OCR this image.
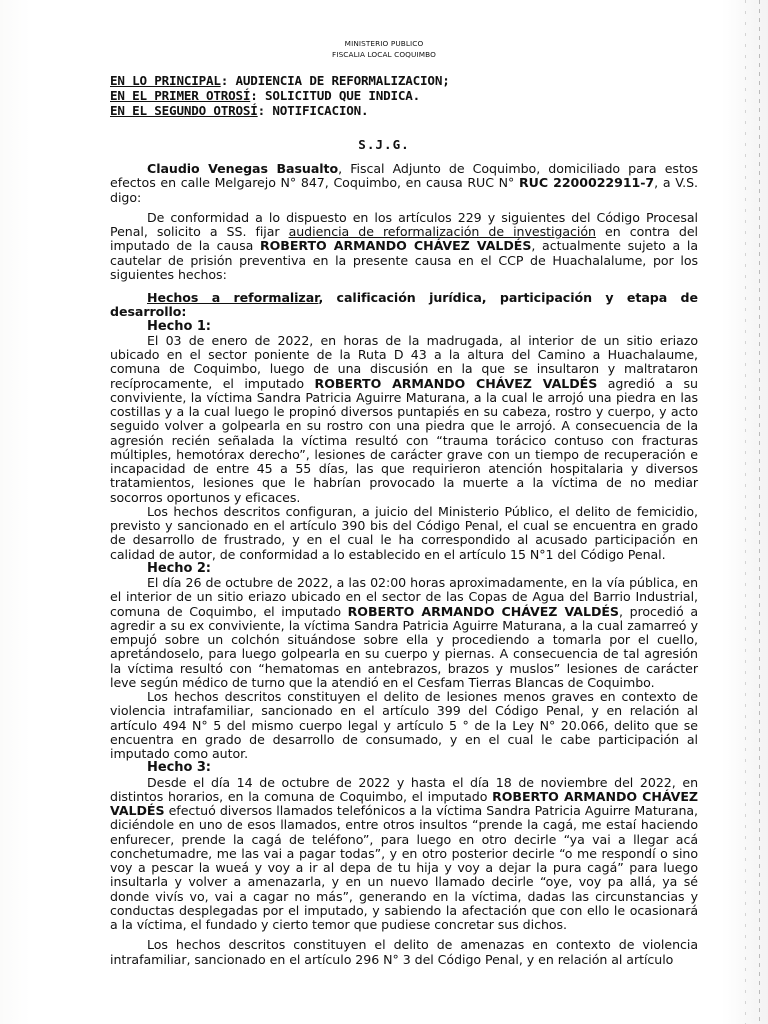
MINISTERIO PUBLICO
FISCALIA LOCAL COQUIMBO
EN LO PRINCIPAL: AUDIENCIA DE REFORMALIZACION;
EN EL PRIMER OTROSÍ: SOLICITUD QUE INDICA.
EN EL SEGUNDO OTROSÍ: NOTIFICACION.
S.J.G.

Claudio Venegas Basualto, Fiscal Adjunto de Coquimbo, domiciliado para estos efectos en calle Melgarejo N° 847, Coquimbo, en causa RUC N° RUC 2200022911-7, a V.S. digo:

De conformidad a lo dispuesto en los artículos 229 y siguientes del Código Procesal Penal, solicito a SS. fijar audiencia de reformalización de investigación en contra del imputado de la causa ROBERTO ARMANDO CHÁVEZ VALDÉS, actualmente sujeto a la cautelar de prisión preventiva en la presente causa en el CCP de Huachalalume, por los siguientes hechos:

Hechos a reformalizar, calificación jurídica, participación y etapa de desarrollo:

Hecho 1:

El 03 de enero de 2022, en horas de la madrugada, al interior de un sitio eriazo ubicado en el sector poniente de la Ruta D 43 a la altura del Camino a Huachalaume, comuna de Coquimbo, luego de una discusión en la que se insultaron y maltrataron recíprocamente, el imputado ROBERTO ARMANDO CHÁVEZ VALDÉS agredió a su conviviente, la víctima Sandra Patricia Aguirre Maturana, a la cual le arrojó una piedra en las costillas y a la cual luego le propinó diversos puntapiés en su cabeza, rostro y cuerpo, y acto seguido volver a golpearla en su rostro con una piedra que le arrojó. A consecuencia de la agresión recién señalada la víctima resultó con “trauma torácico contuso con fracturas múltiples, hemotórax derecho”, lesiones de carácter grave con un tiempo de recuperación e incapacidad de entre 45 a 55 días, las que requirieron atención hospitalaria y diversos tratamientos, lesiones que le habrían provocado la muerte a la víctima de no mediar socorros oportunos y eficaces.

Los hechos descritos configuran, a juicio del Ministerio Público, el delito de femicidio, previsto y sancionado en el artículo 390 bis del Código Penal, el cual se encuentra en grado de desarrollo de frustrado, y en el cual le ha correspondido al acusado participación en calidad de autor, de conformidad a lo establecido en el artículo 15 N°1 del Código Penal.

Hecho 2:

El día 26 de octubre de 2022, a las 02:00 horas aproximadamente, en la vía pública, en el interior de un sitio eriazo ubicado en el sector de las Copas de Agua del Barrio Industrial, comuna de Coquimbo, el imputado ROBERTO ARMANDO CHÁVEZ VALDÉS, procedió a agredir a su ex conviviente, la víctima Sandra Patricia Aguirre Maturana, a la cual zamarreó y empujó sobre un colchón situándose sobre ella y procediendo a tomarla por el cuello, apretándoselo, para luego golpearla en su cuerpo y piernas. A consecuencia de tal agresión la víctima resultó con “hematomas en antebrazos, brazos y muslos” lesiones de carácter leve según médico de turno que la atendió en el Cesfam Tierras Blancas de Coquimbo.

Los hechos descritos constituyen el delito de lesiones menos graves en contexto de violencia intrafamiliar, sancionado en el artículo 399 del Código Penal, y en relación al artículo 494 N° 5 del mismo cuerpo legal y artículo 5 ° de la Ley N° 20.066, delito que se encuentra en grado de desarrollo de consumado, y en el cual le cabe participación al imputado como autor.

Hecho 3:

Desde el día 14 de octubre de 2022 y hasta el día 18 de noviembre del 2022, en distintos horarios, en la comuna de Coquimbo, el imputado ROBERTO ARMANDO CHÁVEZ VALDÉS efectuó diversos llamados telefónicos a la víctima Sandra Patricia Aguirre Maturana, diciéndole en uno de esos llamados, entre otros insultos “prende la cagá, me estaí haciendo enfurecer, prende la cagá de teléfono”, para luego en otro decirle “ya vai a llegar acá conchetumadre, me las vai a pagar todas”, y en otro posterior decirle “o me respondí o sino voy a pescar la wueá y voy a ir al depa de tu hija y voy a dejar la pura cagá” para luego insultarla y volver a amenazarla, y en un nuevo llamado decirle “oye, voy pa allá, ya sé donde vivís vo, vai a cagar no más”, generando en la víctima, dadas las circunstancias y conductas desplegadas por el imputado, y sabiendo la afectación que con ello le ocasionará a la víctima, el fundado y cierto temor que pudiese concretar sus dichos.

Los hechos descritos constituyen el delito de amenazas en contexto de violencia intrafamiliar, sancionado en el artículo 296 N° 3 del Código Penal, y en relación al artículo
